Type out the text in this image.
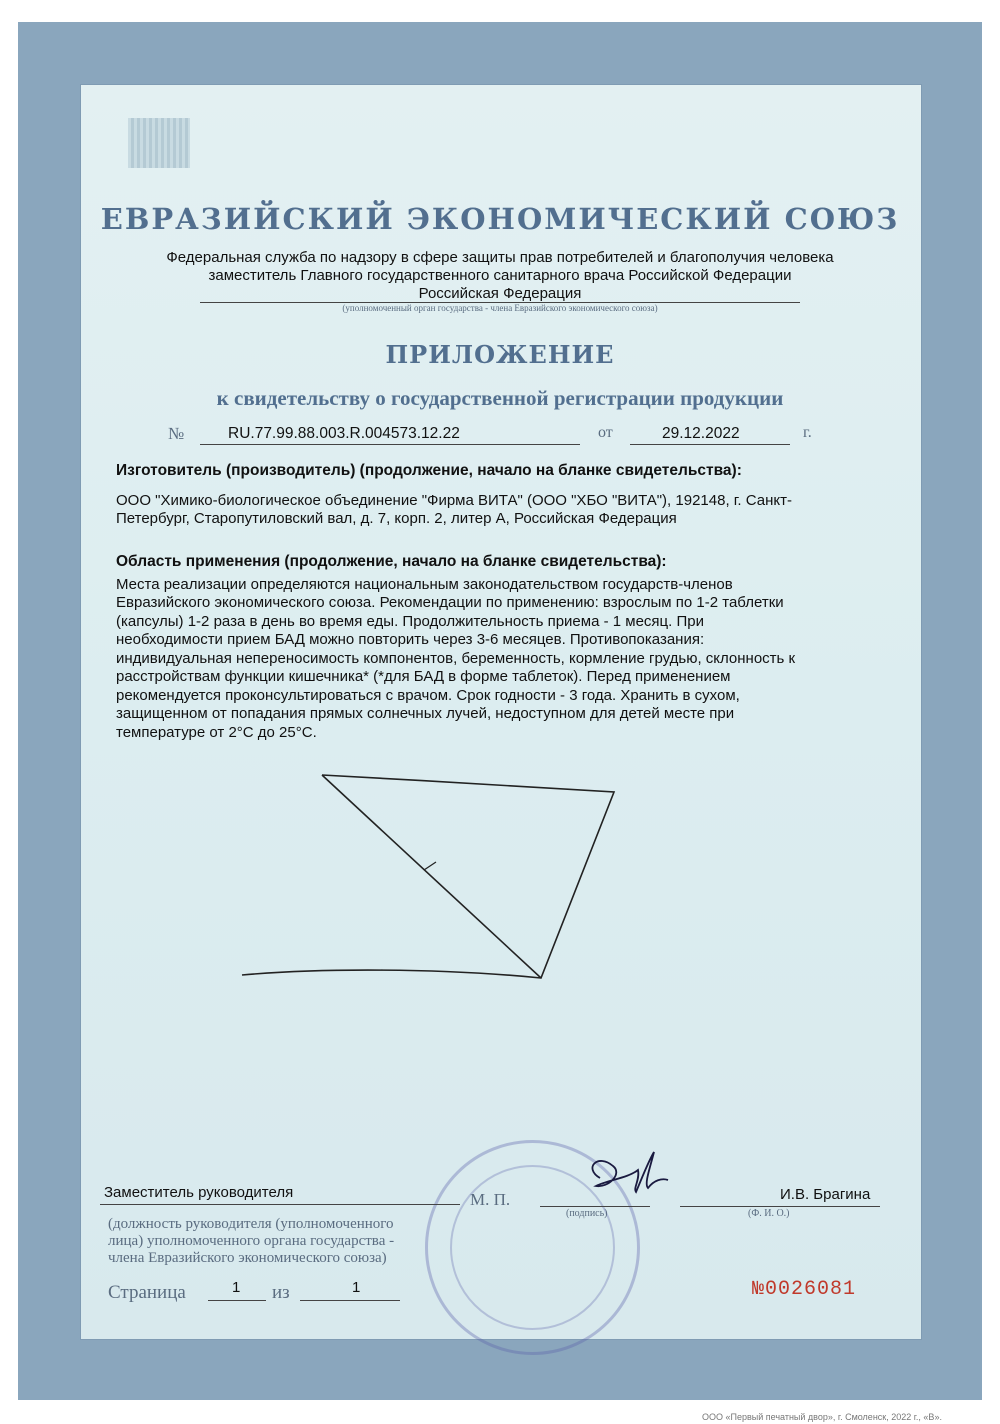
ЕВРАЗИЙСКИЙ ЭКОНОМИЧЕСКИЙ СОЮЗ
Федеральная служба по надзору в сфере защиты прав потребителей и благополучия человека
заместитель Главного государственного санитарного врача Российской Федерации
Российская Федерация
(уполномоченный орган государства - члена Евразийского экономического союза)
ПРИЛОЖЕНИЕ
к свидетельству о государственной регистрации продукции
№	RU.77.99.88.003.R.004573.12.22	от	29.12.2022	г.
Изготовитель (производитель) (продолжение, начало на бланке свидетельства):
ООО "Химико-биологическое объединение "Фирма ВИТА" (ООО "ХБО "ВИТА"), 192148, г. Санкт-
Петербург, Старопутиловский вал, д. 7, корп. 2, литер А, Российская Федерация
Область применения (продолжение, начало на бланке свидетельства):
Места реализации определяются национальным законодательством государств-членов
Евразийского экономического союза. Рекомендации по применению: взрослым по 1-2 таблетки
(капсулы) 1-2 раза в день во время еды. Продолжительность приема - 1 месяц. При
необходимости прием БАД можно повторить через 3-6 месяцев. Противопоказания:
индивидуальная непереносимость компонентов, беременность, кормление грудью, склонность к
расстройствам функции кишечника* (*для БАД в форме таблеток). Перед применением
рекомендуется проконсультироваться с врачом. Срок годности - 3 года. Хранить в сухом,
защищенном от попадания прямых солнечных лучей, недоступном для детей месте при
температуре от 2°С до 25°С.
Заместитель руководителя
(должность руководителя (уполномоченного
лица) уполномоченного органа государства -
члена Евразийского экономического союза)
М. П.
(подпись)
И.В. Брагина
(Ф. И. О.)
Страница	1 из	1	№0026081
ООО «Первый печатный двор», г. Смоленск, 2022 г., «В».
